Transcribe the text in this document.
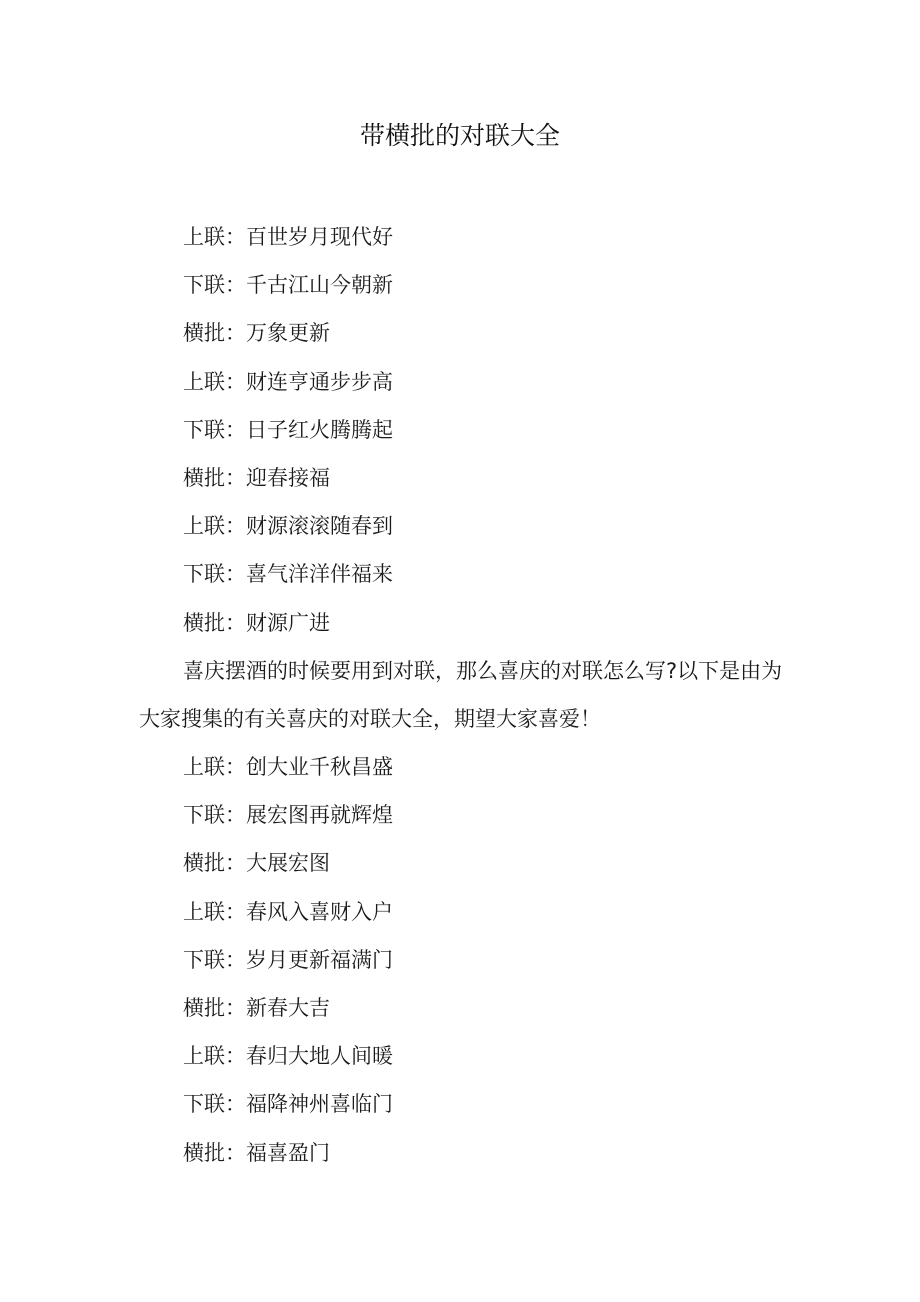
带横批的对联大全
上联：百世岁月现代好
下联：千古江山今朝新
横批：万象更新
上联：财连亨通步步高
下联：日子红火腾腾起
横批：迎春接福
上联：财源滚滚随春到
下联：喜气洋洋伴福来
横批：财源广进
喜庆摆酒的时候要用到对联，那么喜庆的对联怎么写?以下是由为大家搜集的有关喜庆的对联大全，期望大家喜爱！
上联：创大业千秋昌盛
下联：展宏图再就辉煌
横批：大展宏图
上联：春风入喜财入户
下联：岁月更新福满门
横批：新春大吉
上联：春归大地人间暖
下联：福降神州喜临门
横批：福喜盈门
